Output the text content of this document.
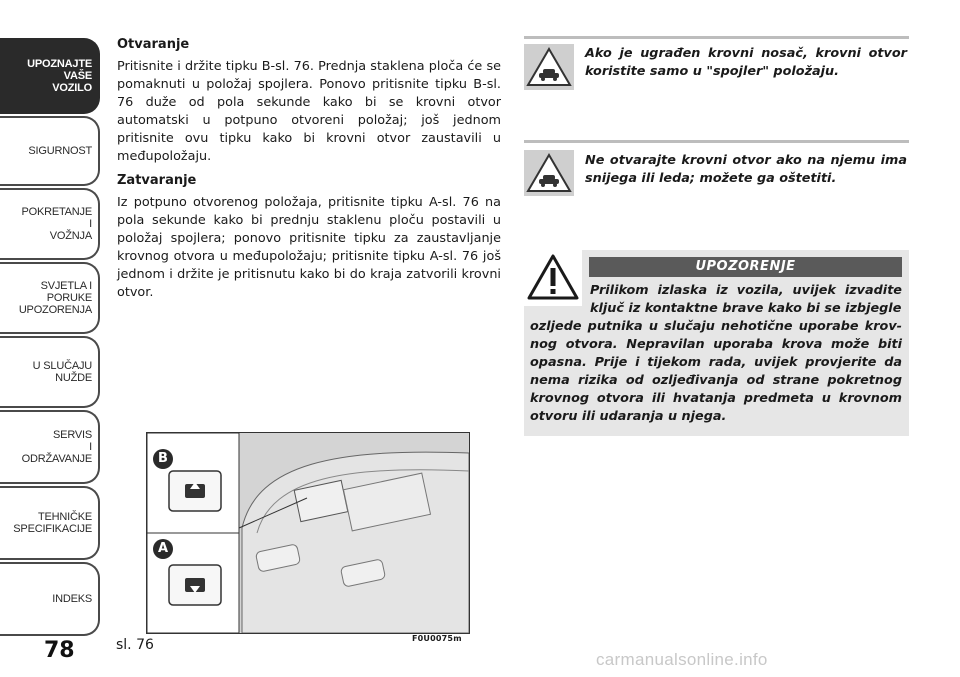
UPOZNAJTE
VAŠE
VOZILO
SIGURNOST
POKRETANJE
I
VOŽNJA
SVJETLA I
PORUKE
UPOZORENJA
U SLUČAJU
NUŽDE
SERVIS
I
ODRŽAVANJE
TEHNIČKE
SPECIFIKACIJE
INDEKS
78
Otvaranje

Pritisnite i držite tipku B-sl. 76. Prednja staklena ploča će se pomaknuti u položaj spojlera. Ponovo pritisnite tipku B-sl. 76 duže od pola sekunde kako bi se krovni otvor automatski u potpuno otvoreni položaj; još jednom pritisnite ovu tipku kako bi krovni otvor zaustavili u međupoložaju.

Zatvaranje

Iz potpuno otvorenog položaja, pritisnite tipku A-sl. 76 na pola sekunde kako bi prednju staklenu ploču postavili u položaj spojlera; ponovo pritisnite tipku za zaustavljanje krovnog otvora u međupoložaju; pritisnite tipku A-sl. 76 još jednom i držite je pritisnutu kako bi do kraja zatvorili krovni otvor.

Ako je ugrađen krovni nosač, krovni otvor koristite samo u "spojler" položaju.
Ne otvarajte krovni otvor ako na njemu ima snijega ili leda; možete ga oštetiti.
UPOZORENJE
Prilikom izlaska iz vozila, uvijek izvadite ključ iz kontaktne brave kako bi se izbjegle
ozljede putnika u slučaju nehotične uporabe krov-nog otvora. Nepravilan uporaba krova može biti opasna. Prije i tijekom rada, uvijek provjerite da nema rizika od ozljeđivanja od strane pokretnog krovnog otvora ili hvatanja predmeta u krovnom otvoru ili udaranja u njega.
B
A
sl. 76	F0U0075m
carmanualsonline.info
